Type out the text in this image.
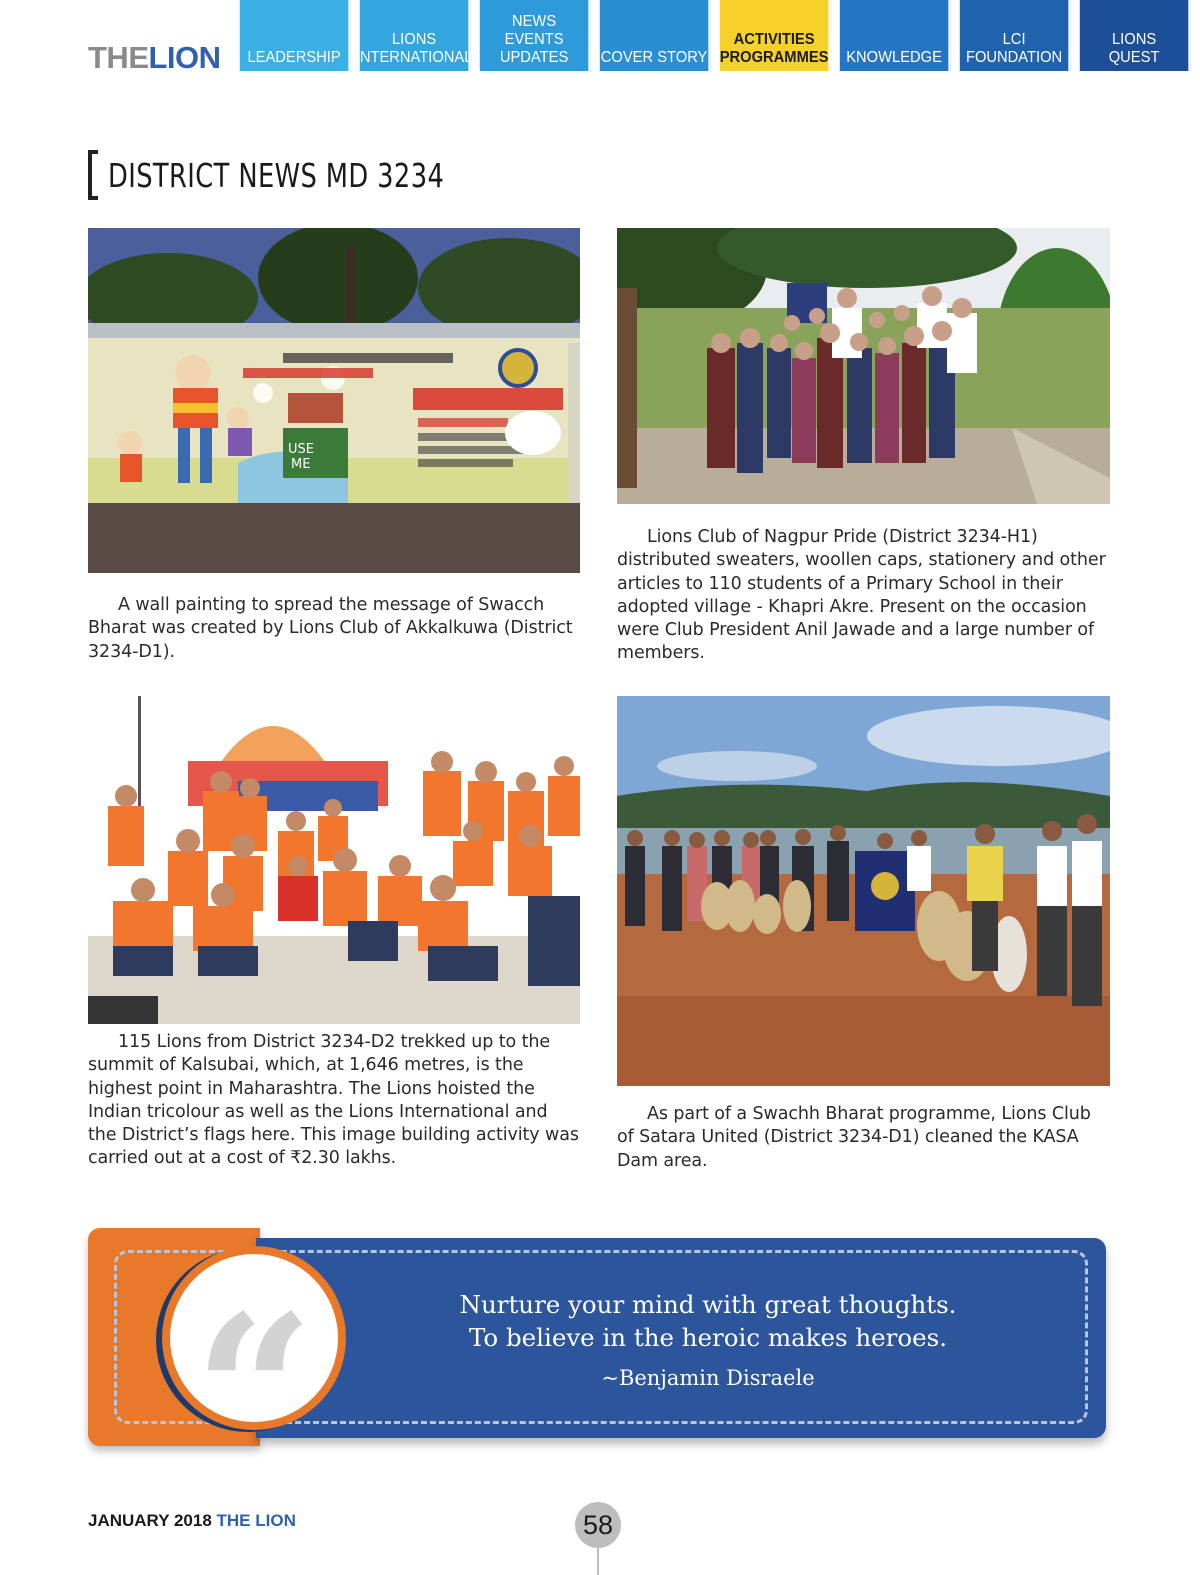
THELION	LEADERSHIP
LIONS
INTERNATIONAL
NEWS
EVENTS
UPDATES	COVER STORY
ACTIVITIES
PROGRAMMES	KNOWLEDGE
LCI
FOUNDATION
LIONS
QUEST
DISTRICT NEWS MD 3234
USE
ME
A wall painting to spread the message of Swacch Bharat was created by Lions Club of Akkalkuwa (District 3234-D1).
Lions Club of Nagpur Pride (District 3234-H1) distributed sweaters, woollen caps, stationery and other articles to 110 students of a Primary School in their adopted village - Khapri Akre. Present on the occasion were Club President Anil Jawade and a large number of members.
115 Lions from District 3234-D2 trekked up to the summit of Kalsubai, which, at 1,646 metres, is the highest point in Maharashtra. The Lions hoisted the Indian tricolour as well as the Lions International and the District’s flags here. This image building activity was carried out at a cost of ₹2.30 lakhs.
As part of a Swachh Bharat programme, Lions Club of Satara United (District 3234-D1) cleaned the KASA Dam area.
“	Nurture your mind with great thoughts.
To believe in the heroic makes heroes.
~Benjamin Disraele
JANUARY 2018 THE LION	58
